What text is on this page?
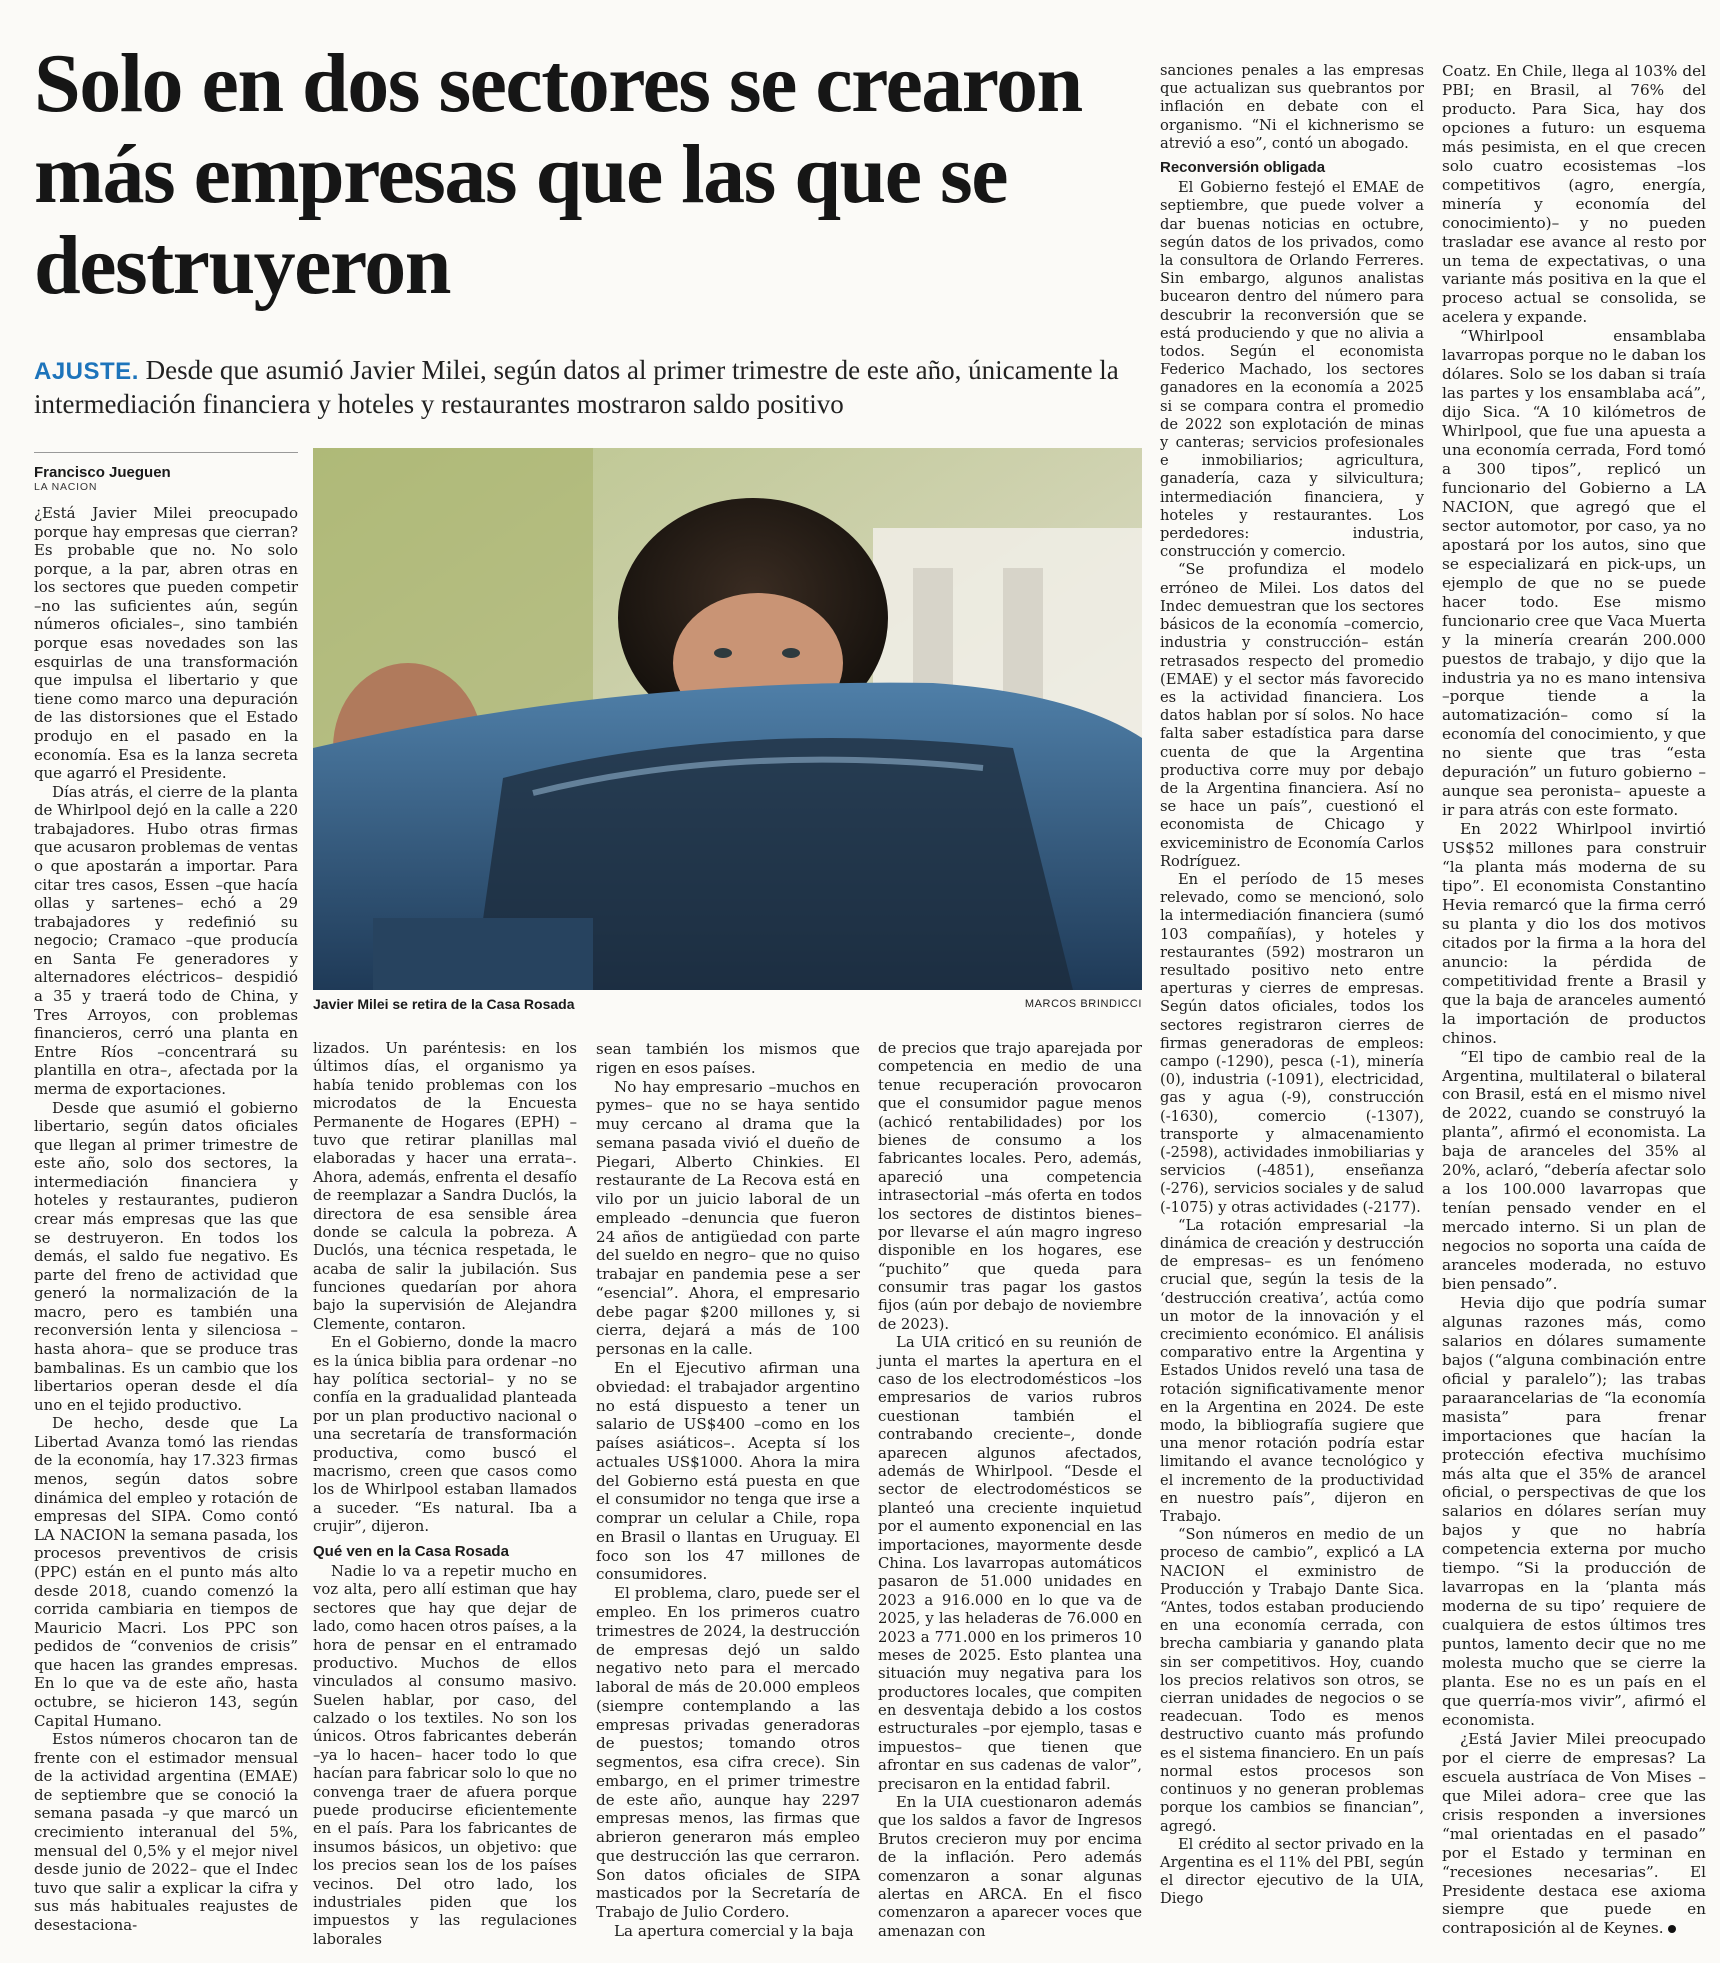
Solo en dos sectores se crearon más empresas que las que se destruyeron
AJUSTE. Desde que asumió Javier Milei, según datos al primer trimestre de este año, únicamente la intermediación financiera y hoteles y restaurantes mostraron saldo positivo
Francisco Jueguen
LA NACION

¿Está Javier Milei preocupado porque hay empresas que cierran? Es probable que no. No solo porque, a la par, abren otras en los sectores que pueden competir –no las suficientes aún, según números oficiales–, sino también porque esas novedades son las esquirlas de una transformación que impulsa el libertario y que tiene como marco una depuración de las distorsiones que el Estado produjo en el pasado en la economía. Esa es la lanza secreta que agarró el Presidente.

Días atrás, el cierre de la planta de Whirlpool dejó en la calle a 220 trabajadores. Hubo otras firmas que acusaron problemas de ventas o que apostarán a importar. Para citar tres casos, Essen –que hacía ollas y sartenes– echó a 29 trabajadores y redefinió su negocio; Cramaco –que producía en Santa Fe generadores y alternadores eléctricos– despidió a 35 y traerá todo de China, y Tres Arroyos, con problemas financieros, cerró una planta en Entre Ríos –concentrará su plantilla en otra–, afectada por la merma de exportaciones.

Desde que asumió el gobierno libertario, según datos oficiales que llegan al primer trimestre de este año, solo dos sectores, la intermediación financiera y hoteles y restaurantes, pudieron crear más empresas que las que se destruyeron. En todos los demás, el saldo fue negativo. Es parte del freno de actividad que generó la normalización de la macro, pero es también una reconversión lenta y silenciosa –hasta ahora– que se produce tras bambalinas. Es un cambio que los libertarios operan desde el día uno en el tejido productivo.

De hecho, desde que La Libertad Avanza tomó las riendas de la economía, hay 17.323 firmas menos, según datos sobre dinámica del empleo y rotación de empresas del SIPA. Como contó LA NACION la semana pasada, los procesos preventivos de crisis (PPC) están en el punto más alto desde 2018, cuando comenzó la corrida cambiaria en tiempos de Mauricio Macri. Los PPC son pedidos de “convenios de crisis” que hacen las grandes empresas. En lo que va de este año, hasta octubre, se hicieron 143, según Capital Humano.

Estos números chocaron tan de frente con el estimador mensual de la actividad argentina (EMAE) de septiembre que se conoció la semana pasada –y que marcó un crecimiento interanual del 5%, mensual del 0,5% y el mejor nivel desde junio de 2022– que el Indec tuvo que salir a explicar la cifra y sus más habituales reajustes de desestaciona-

Javier Milei se retira de la Casa Rosada	MARCOS BRINDICCI

lizados. Un paréntesis: en los últimos días, el organismo ya había tenido problemas con los microdatos de la Encuesta Permanente de Hogares (EPH) –tuvo que retirar planillas mal elaboradas y hacer una errata–. Ahora, además, enfrenta el desafío de reemplazar a Sandra Duclós, la directora de esa sensible área donde se calcula la pobreza. A Duclós, una técnica respetada, le acaba de salir la jubilación. Sus funciones quedarían por ahora bajo la supervisión de Alejandra Clemente, contaron.

En el Gobierno, donde la macro es la única biblia para ordenar –no hay política sectorial– y no se confía en la gradualidad planteada por un plan productivo nacional o una secretaría de transformación productiva, como buscó el macrismo, creen que casos como los de Whirlpool estaban llamados a suceder. “Es natural. Iba a crujir”, dijeron.

Qué ven en la Casa Rosada

Nadie lo va a repetir mucho en voz alta, pero allí estiman que hay sectores que hay que dejar de lado, como hacen otros países, a la hora de pensar en el entramado productivo. Muchos de ellos vinculados al consumo masivo. Suelen hablar, por caso, del calzado o los textiles. No son los únicos. Otros fabricantes deberán –ya lo hacen– hacer todo lo que hacían para fabricar solo lo que no convenga traer de afuera porque puede producirse eficientemente en el país. Para los fabricantes de insumos básicos, un objetivo: que los precios sean los de los países vecinos. Del otro lado, los industriales piden que los impuestos y las regulaciones laborales

sean también los mismos que rigen en esos países.

No hay empresario –muchos en pymes– que no se haya sentido muy cercano al drama que la semana pasada vivió el dueño de Piegari, Alberto Chinkies. El restaurante de La Recova está en vilo por un juicio laboral de un empleado –denuncia que fueron 24 años de antigüedad con parte del sueldo en negro– que no quiso trabajar en pandemia pese a ser “esencial”. Ahora, el empresario debe pagar $200 millones y, si cierra, dejará a más de 100 personas en la calle.

En el Ejecutivo afirman una obviedad: el trabajador argentino no está dispuesto a tener un salario de US$400 –como en los países asiáticos–. Acepta sí los actuales US$1000. Ahora la mira del Gobierno está puesta en que el consumidor no tenga que irse a comprar un celular a Chile, ropa en Brasil o llantas en Uruguay. El foco son los 47 millones de consumidores.

El problema, claro, puede ser el empleo. En los primeros cuatro trimestres de 2024, la destrucción de empresas dejó un saldo negativo neto para el mercado laboral de más de 20.000 empleos (siempre contemplando a las empresas privadas generadoras de puestos; tomando otros segmentos, esa cifra crece). Sin embargo, en el primer trimestre de este año, aunque hay 2297 empresas menos, las firmas que abrieron generaron más empleo que destrucción las que cerraron. Son datos oficiales de SIPA masticados por la Secretaría de Trabajo de Julio Cordero.

La apertura comercial y la baja

de precios que trajo aparejada por competencia en medio de una tenue recuperación provocaron que el consumidor pague menos (achicó rentabilidades) por los bienes de consumo a los fabricantes locales. Pero, además, apareció una competencia intrasectorial –más oferta en todos los sectores de distintos bienes– por llevarse el aún magro ingreso disponible en los hogares, ese “puchito” que queda para consumir tras pagar los gastos fijos (aún por debajo de noviembre de 2023).

La UIA criticó en su reunión de junta el martes la apertura en el caso de los electrodomésticos –los empresarios de varios rubros cuestionan también el contrabando creciente–, donde aparecen algunos afectados, además de Whirlpool. “Desde el sector de electrodomésticos se planteó una creciente inquietud por el aumento exponencial en las importaciones, mayormente desde China. Los lavarropas automáticos pasaron de 51.000 unidades en 2023 a 916.000 en lo que va de 2025, y las heladeras de 76.000 en 2023 a 771.000 en los primeros 10 meses de 2025. Esto plantea una situación muy negativa para los productores locales, que compiten en desventaja debido a los costos estructurales –por ejemplo, tasas e impuestos– que tienen que afrontar en sus cadenas de valor”, precisaron en la entidad fabril.

En la UIA cuestionaron además que los saldos a favor de Ingresos Brutos crecieron muy por encima de la inflación. Pero además comenzaron a sonar algunas alertas en ARCA. En el fisco comenzaron a aparecer voces que amenazan con

sanciones penales a las empresas que actualizan sus quebrantos por inflación en debate con el organismo. “Ni el kichnerismo se atrevió a eso”, contó un abogado.

Reconversión obligada

El Gobierno festejó el EMAE de septiembre, que puede volver a dar buenas noticias en octubre, según datos de los privados, como la consultora de Orlando Ferreres. Sin embargo, algunos analistas bucearon dentro del número para descubrir la reconversión que se está produciendo y que no alivia a todos. Según el economista Federico Machado, los sectores ganadores en la economía a 2025 si se compara contra el promedio de 2022 son explotación de minas y canteras; servicios profesionales e inmobiliarios; agricultura, ganadería, caza y silvicultura; intermediación financiera, y hoteles y restaurantes. Los perdedores: industria, construcción y comercio.

“Se profundiza el modelo erróneo de Milei. Los datos del Indec demuestran que los sectores básicos de la economía –comercio, industria y construcción– están retrasados respecto del promedio (EMAE) y el sector más favorecido es la actividad financiera. Los datos hablan por sí solos. No hace falta saber estadística para darse cuenta de que la Argentina productiva corre muy por debajo de la Argentina financiera. Así no se hace un país”, cuestionó el economista de Chicago y exviceministro de Economía Carlos Rodríguez.

En el período de 15 meses relevado, como se mencionó, solo la intermediación financiera (sumó 103 compañías), y hoteles y restaurantes (592) mostraron un resultado positivo neto entre aperturas y cierres de empresas. Según datos oficiales, todos los sectores registraron cierres de firmas generadoras de empleos: campo (-1290), pesca (-1), minería (0), industria (-1091), electricidad, gas y agua (-9), construcción (-1630), comercio (-1307), transporte y almacenamiento (-2598), actividades inmobiliarias y servicios (-4851), enseñanza (-276), servicios sociales y de salud (-1075) y otras actividades (-2177).

“La rotación empresarial –la dinámica de creación y destrucción de empresas– es un fenómeno crucial que, según la tesis de la ‘destrucción creativa’, actúa como un motor de la innovación y el crecimiento económico. El análisis comparativo entre la Argentina y Estados Unidos reveló una tasa de rotación significativamente menor en la Argentina en 2024. De este modo, la bibliografía sugiere que una menor rotación podría estar limitando el avance tecnológico y el incremento de la productividad en nuestro país”, dijeron en Trabajo.

“Son números en medio de un proceso de cambio”, explicó a LA NACION el exministro de Producción y Trabajo Dante Sica. “Antes, todos estaban produciendo en una economía cerrada, con brecha cambiaria y ganando plata sin ser competitivos. Hoy, cuando los precios relativos son otros, se cierran unidades de negocios o se readecuan. Todo es menos destructivo cuanto más profundo es el sistema financiero. En un país normal estos procesos son continuos y no generan problemas porque los cambios se financian”, agregó.

El crédito al sector privado en la Argentina es el 11% del PBI, según el director ejecutivo de la UIA, Diego

Coatz. En Chile, llega al 103% del PBI; en Brasil, al 76% del producto. Para Sica, hay dos opciones a futuro: un esquema más pesimista, en el que crecen solo cuatro ecosistemas –los competitivos (agro, energía, minería y economía del conocimiento)– y no pueden trasladar ese avance al resto por un tema de expectativas, o una variante más positiva en la que el proceso actual se consolida, se acelera y expande.

“Whirlpool ensamblaba lavarropas porque no le daban los dólares. Solo se los daban si traía las partes y los ensamblaba acá”, dijo Sica. “A 10 kilómetros de Whirlpool, que fue una apuesta a una economía cerrada, Ford tomó a 300 tipos”, replicó un funcionario del Gobierno a LA NACION, que agregó que el sector automotor, por caso, ya no apostará por los autos, sino que se especializará en pick-ups, un ejemplo de que no se puede hacer todo. Ese mismo funcionario cree que Vaca Muerta y la minería crearán 200.000 puestos de trabajo, y dijo que la industria ya no es mano intensiva –porque tiende a la automatización– como sí la economía del conocimiento, y que no siente que tras “esta depuración” un futuro gobierno –aunque sea peronista– apueste a ir para atrás con este formato.

En 2022 Whirlpool invirtió US$52 millones para construir “la planta más moderna de su tipo”. El economista Constantino Hevia remarcó que la firma cerró su planta y dio los dos motivos citados por la firma a la hora del anuncio: la pérdida de competitividad frente a Brasil y que la baja de aranceles aumentó la importación de productos chinos.

“El tipo de cambio real de la Argentina, multilateral o bilateral con Brasil, está en el mismo nivel de 2022, cuando se construyó la planta”, afirmó el economista. La baja de aranceles del 35% al 20%, aclaró, “debería afectar solo a los 100.000 lavarropas que tenían pensado vender en el mercado interno. Si un plan de negocios no soporta una caída de aranceles moderada, no estuvo bien pensado”.

Hevia dijo que podría sumar algunas razones más, como salarios en dólares sumamente bajos (“alguna combinación entre oficial y paralelo”); las trabas paraarancelarias de “la economía masista” para frenar importaciones que hacían la protección efectiva muchísimo más alta que el 35% de arancel oficial, o perspectivas de que los salarios en dólares serían muy bajos y que no habría competencia externa por mucho tiempo. “Si la producción de lavarropas en la ‘planta más moderna de su tipo’ requiere de cualquiera de estos últimos tres puntos, lamento decir que no me molesta mucho que se cierre la planta. Ese no es un país en el que querría-mos vivir”, afirmó el economista.

¿Está Javier Milei preocupado por el cierre de empresas? La escuela austríaca de Von Mises –que Milei adora– cree que las crisis responden a inversiones “mal orientadas en el pasado” por el Estado y terminan en “recesiones necesarias”. El Presidente destaca ese axioma siempre que puede en contraposición al de Keynes.
